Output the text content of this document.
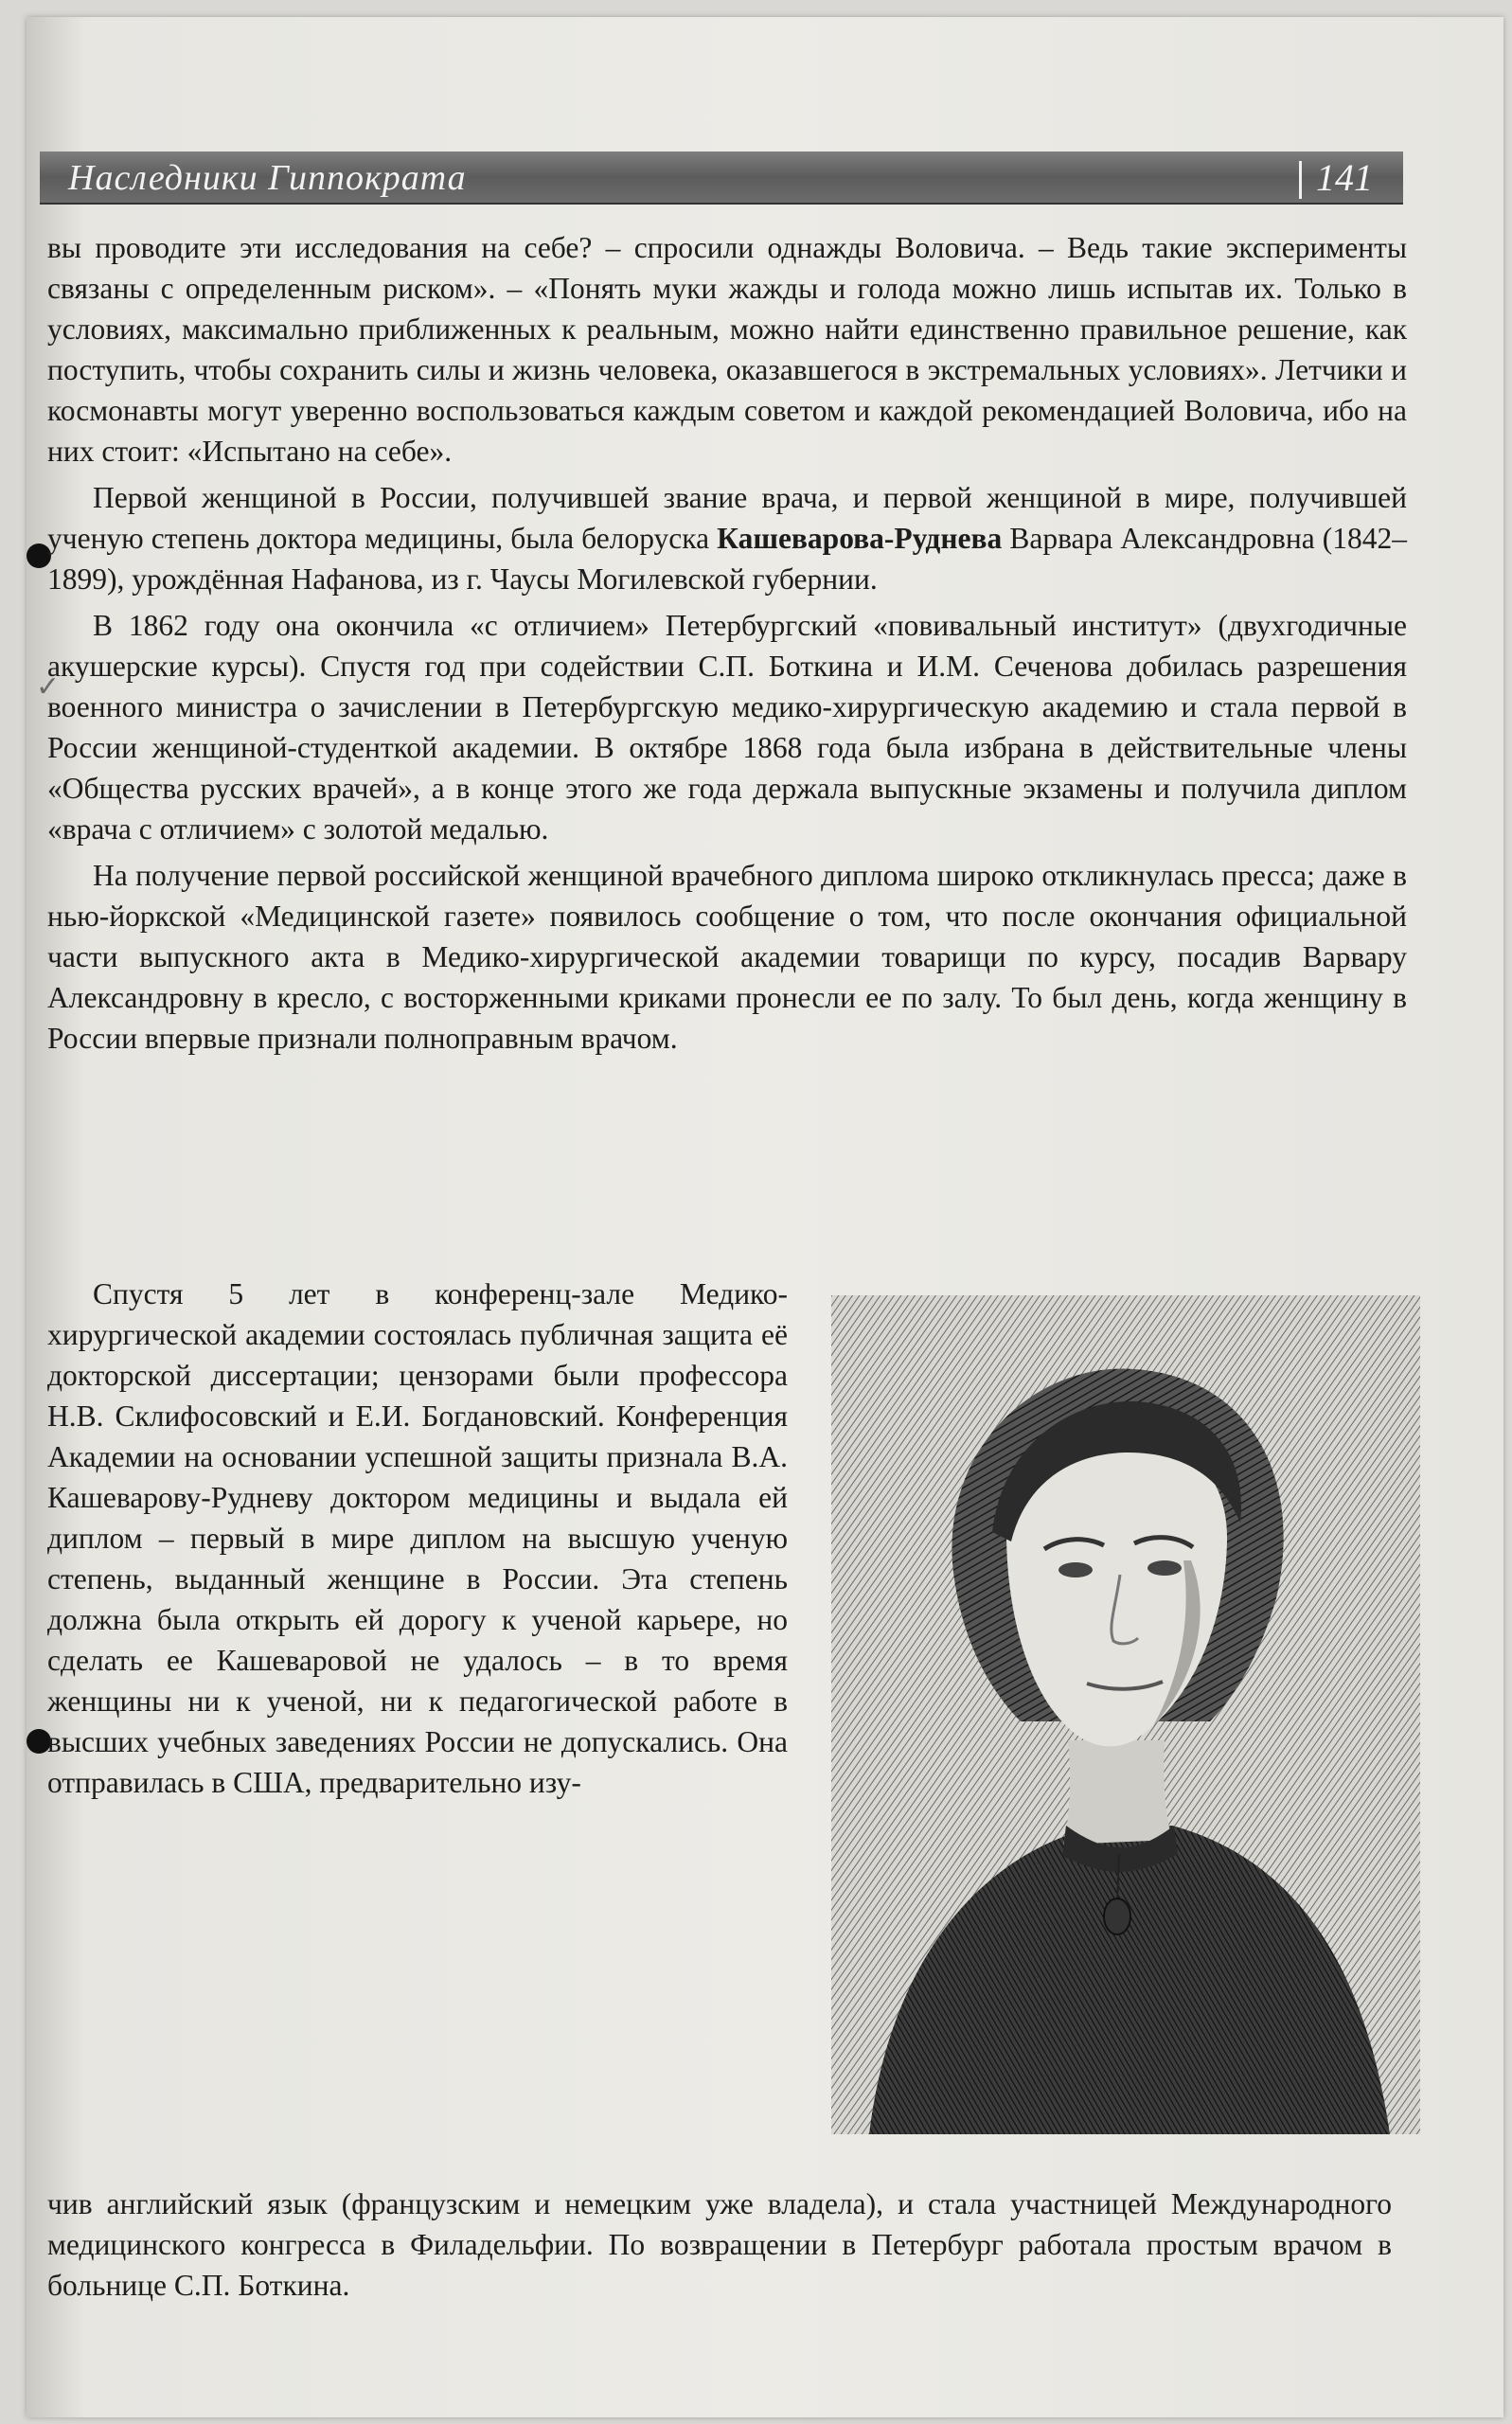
✓
Наследники Гиппократа	141

вы проводите эти исследования на себе? – спросили однажды Воловича. – Ведь такие эксперименты связаны с определенным риском». – «Понять муки жажды и голода можно лишь испытав их. Только в условиях, максимально приближенных к реальным, можно найти единственно правильное решение, как поступить, чтобы сохранить силы и жизнь человека, оказавшегося в экстремальных условиях». Летчики и космонавты могут уверенно воспользоваться каждым советом и каждой рекомендацией Воловича, ибо на них стоит: «Испытано на себе».

Первой женщиной в России, получившей звание врача, и первой женщиной в мире, получившей ученую степень доктора медицины, была белоруска Кашеварова-Руднева Варвара Александровна (1842–1899), урождённая Нафанова, из г. Чаусы Могилевской губернии.

В 1862 году она окончила «с отличием» Петербургский «повивальный институт» (двухгодичные акушерские курсы). Спустя год при содействии С.П. Боткина и И.М. Сеченова добилась разрешения военного министра о зачислении в Петербургскую медико-хирургическую академию и стала первой в России женщиной-студенткой академии. В октябре 1868 года была избрана в действительные члены «Общества русских врачей», а в конце этого же года держала выпускные экзамены и получила диплом «врача с отличием» с золотой медалью.

На получение первой российской женщиной врачебного диплома широко откликнулась пресса; даже в нью-йоркской «Медицинской газете» появилось сообщение о том, что после окончания официальной части выпускного акта в Медико-хирургической академии товарищи по курсу, посадив Варвару Александровну в кресло, с восторженными криками пронесли ее по залу. То был день, когда женщину в России впервые признали полноправным врачом.

Спустя 5 лет в конференц-зале Медико-хирургической академии состоялась публичная защита её докторской диссертации; цензорами были профессора Н.В. Склифосовский и Е.И. Богдановский. Конференция Академии на основании успешной защиты признала В.А. Кашеварову-Рудневу доктором медицины и выдала ей диплом – первый в мире диплом на высшую ученую степень, выданный женщине в России. Эта степень должна была открыть ей дорогу к ученой карьере, но сделать ее Кашеваровой не удалось – в то время женщины ни к ученой, ни к педагогической работе в высших учебных заведениях России не допускались. Она отправилась в США, предварительно изу-

чив английский язык (французским и немецким уже владела), и стала участницей Международного медицинского конгресса в Филадельфии. По возвращении в Петербург работала простым врачом в больнице С.П. Боткина.
